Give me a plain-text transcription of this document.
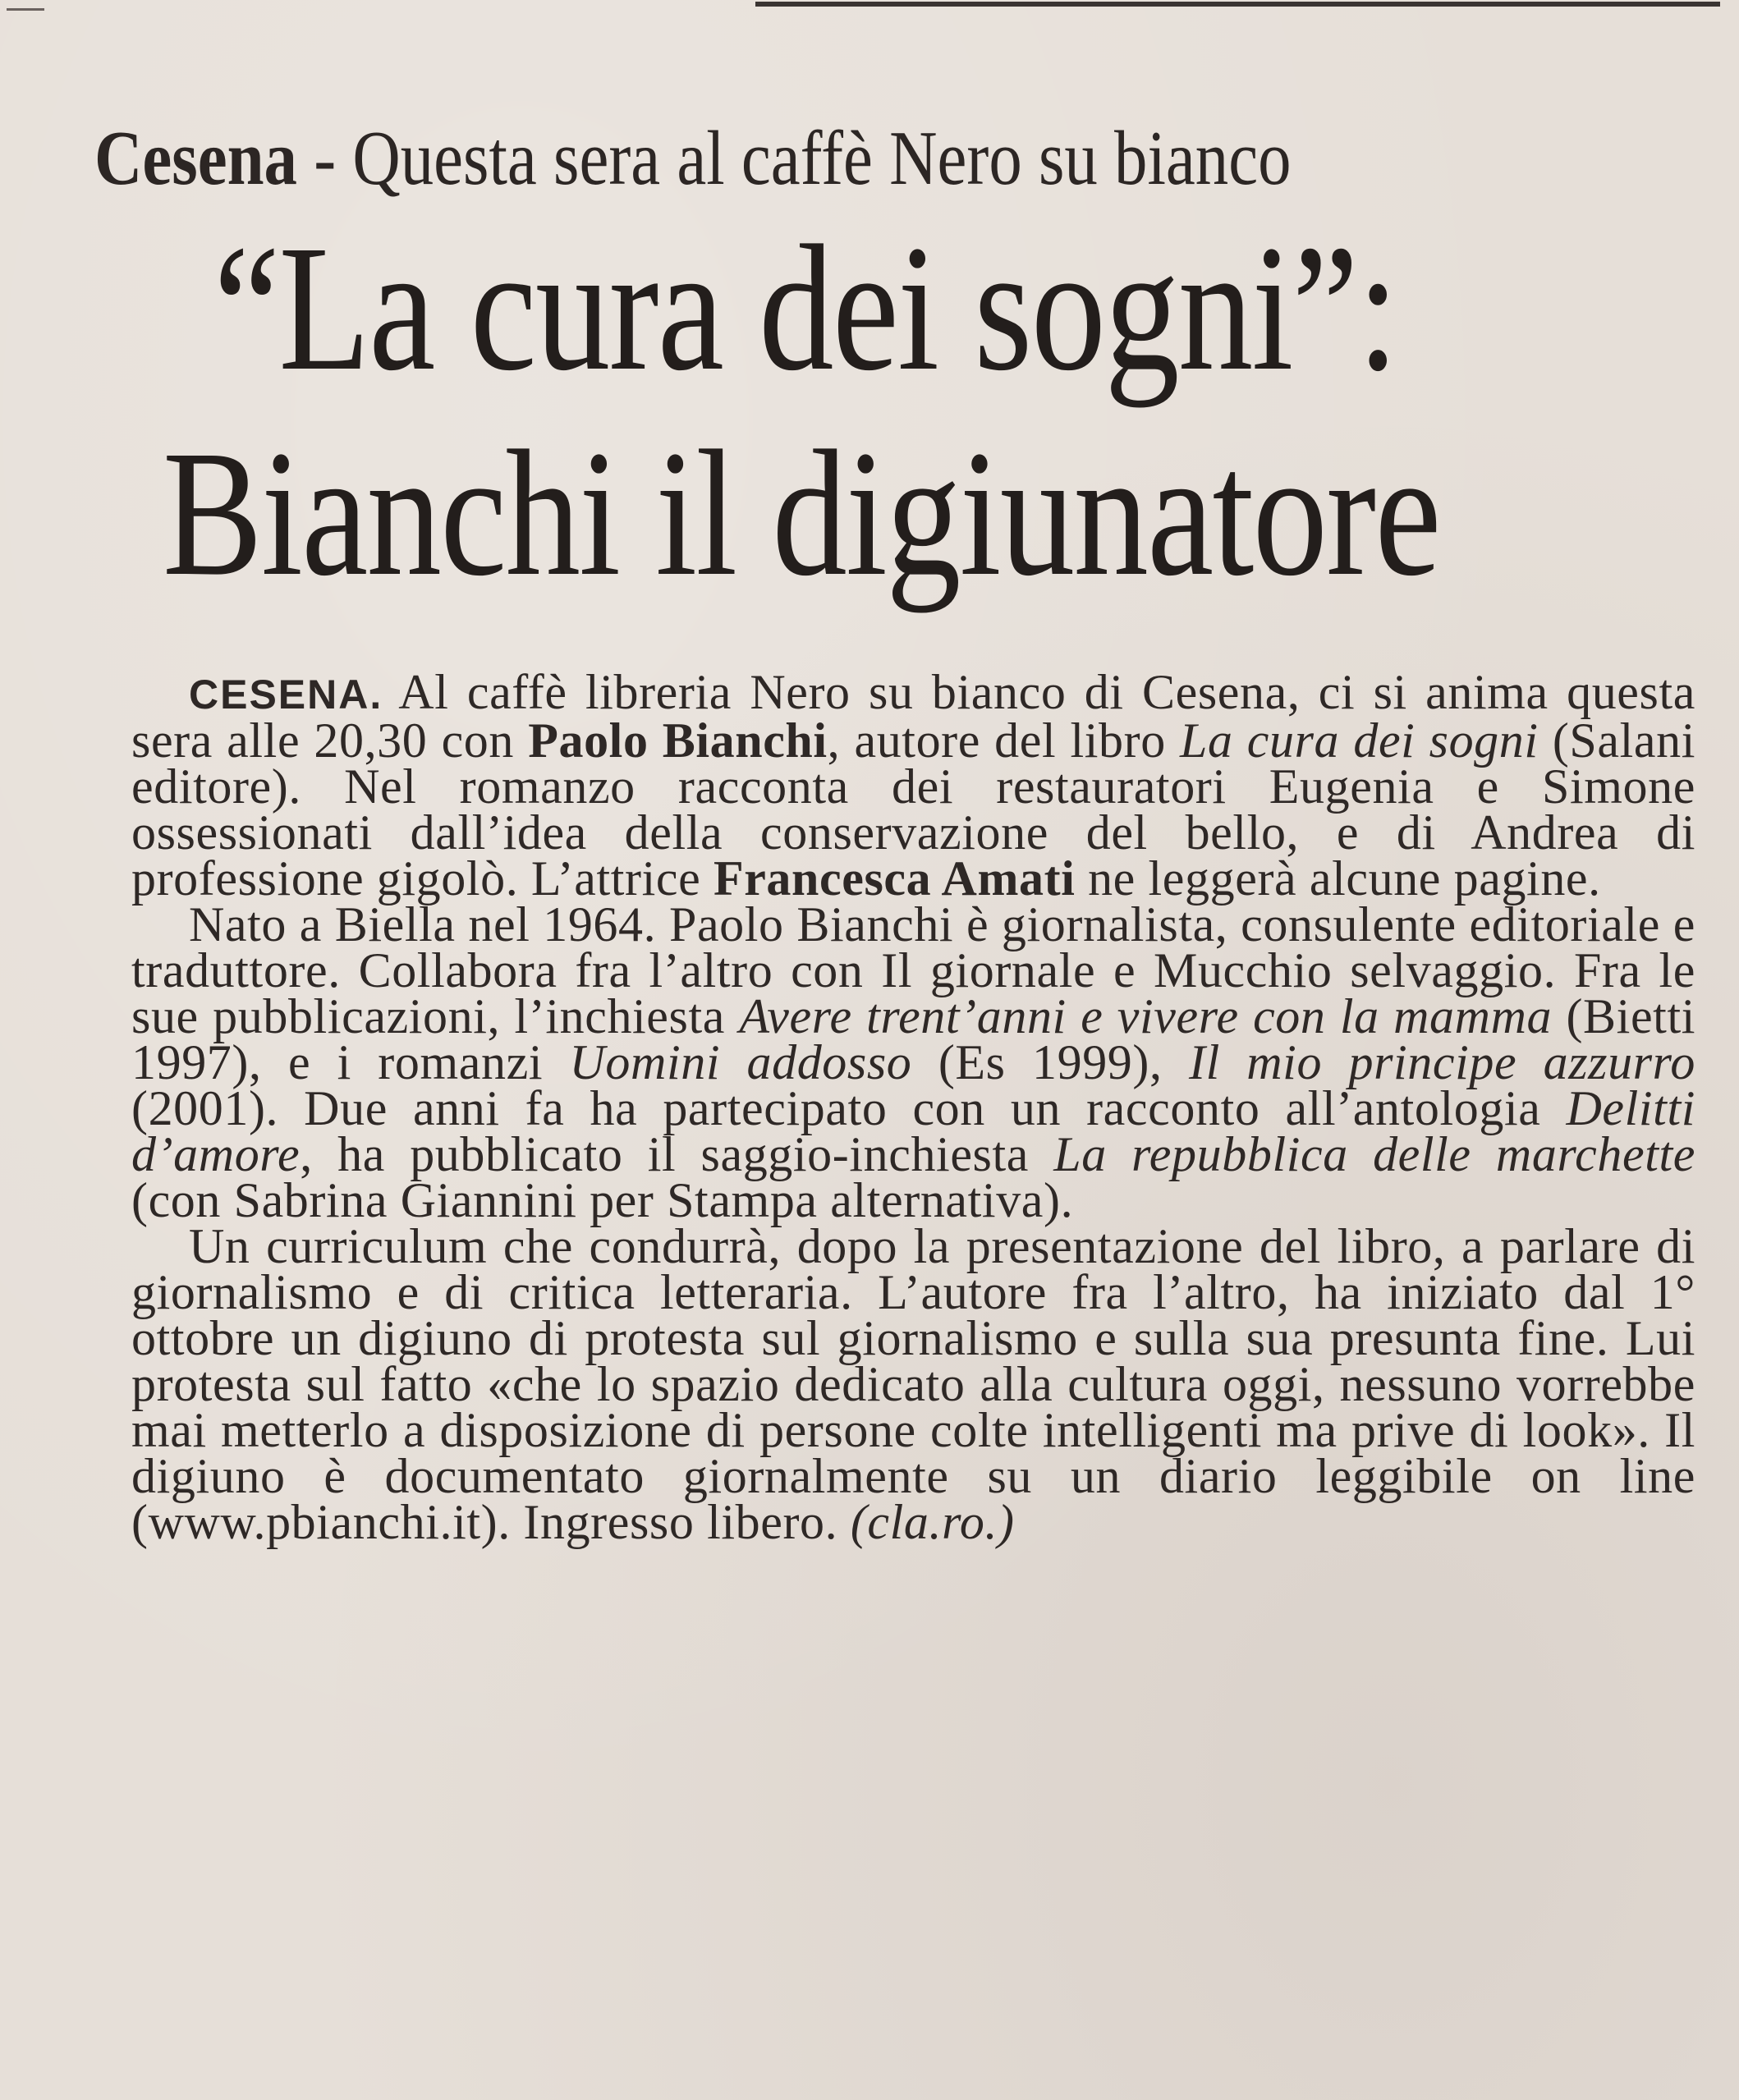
Cesena - Questa sera al caffè Nero su bianco
“La cura dei sogni”:
Bianchi il digiunatore

CESENA. Al caffè libreria Nero su bianco di Cesena, ci si anima questa sera alle 20,30 con Paolo Bianchi, autore del libro La cura dei sogni (Salani editore). Nel romanzo racconta dei restauratori Eugenia e Simone ossessionati dall’idea della conservazione del bello, e di Andrea di professione gigolò. L’attrice Francesca Amati ne leggerà alcune pagine.

Nato a Biella nel 1964. Paolo Bianchi è giornalista, consulente editoriale e traduttore. Collabora fra l’altro con Il giornale e Mucchio selvaggio. Fra le sue pubblicazioni, l’inchiesta Avere trent’anni e vivere con la mamma (Bietti 1997), e i romanzi Uomini addosso (Es 1999), Il mio principe azzurro (2001). Due anni fa ha partecipato con un racconto all’antologia Delitti d’amore, ha pubblicato il saggio-inchiesta La repubblica delle marchette (con Sabrina Giannini per Stampa alternativa).

Un curriculum che condurrà, dopo la presentazione del libro, a parlare di giornalismo e di critica letteraria. L’autore fra l’altro, ha iniziato dal 1° ottobre un digiuno di protesta sul giornalismo e sulla sua presunta fine. Lui protesta sul fatto «che lo spazio dedicato alla cultura oggi, nessuno vorrebbe mai metterlo a disposizione di persone colte intelligenti ma prive di look». Il digiuno è documentato giornalmente su un diario leggibile on line (www.pbianchi.it). Ingresso libero. (cla.ro.)
